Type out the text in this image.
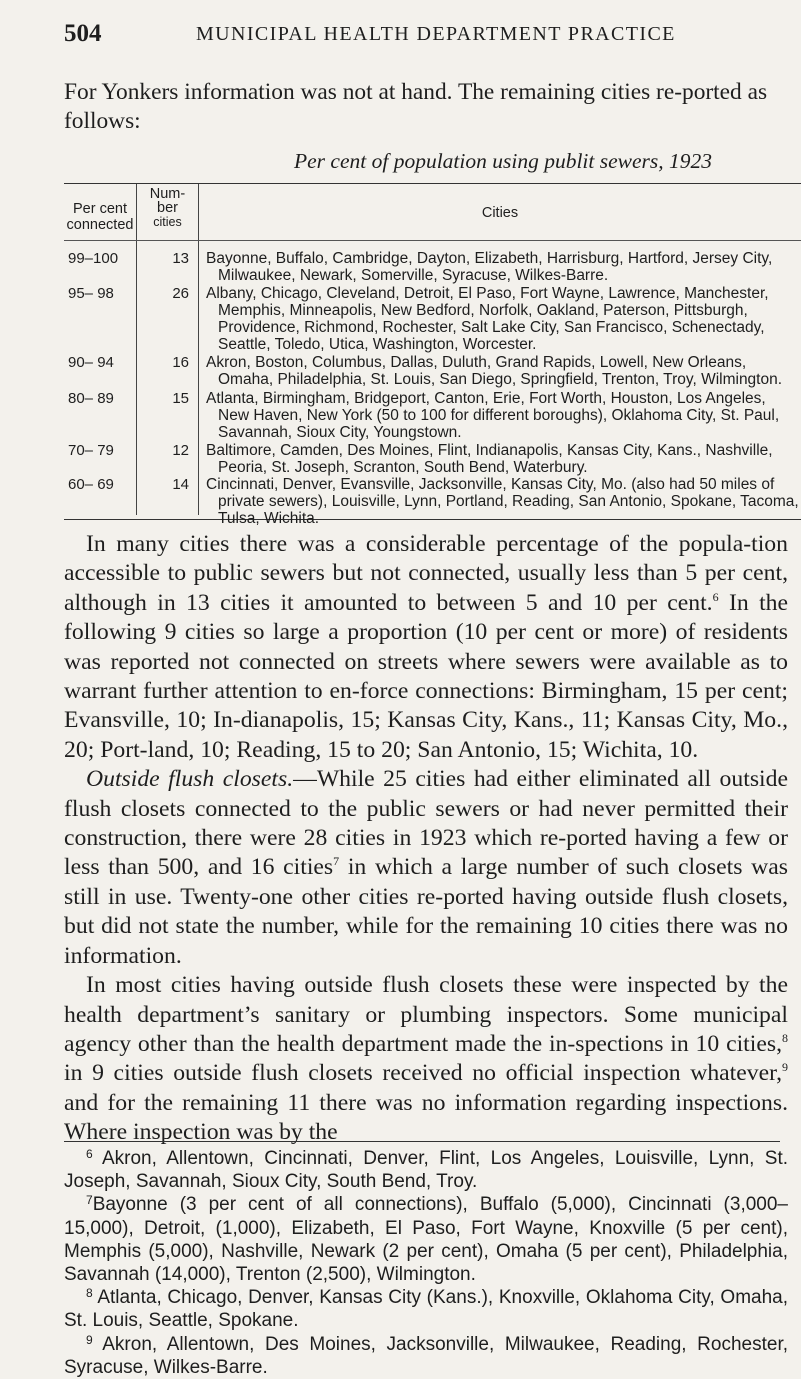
504	MUNICIPAL HEALTH DEPARTMENT PRACTICE
For Yonkers information was not at hand. The remaining cities re-ported as follows:
Per cent of population using publit sewers, 1923
Per cent
connected
Num-
ber
cities
Cities
99–100	13 Bayonne, Buffalo, Cambridge, Dayton, Elizabeth, Harrisburg, Hartford, Jersey City, Milwaukee, Newark, Somerville, Syracuse, Wilkes-Barre.
95– 98	26 Albany, Chicago, Cleveland, Detroit, El Paso, Fort Wayne, Lawrence, Manchester, Memphis, Minneapolis, New Bedford, Norfolk, Oakland, Paterson, Pittsburgh, Providence, Richmond, Rochester, Salt Lake City, San Francisco, Schenectady, Seattle, Toledo, Utica, Washington, Worcester.
90– 94	16 Akron, Boston, Columbus, Dallas, Duluth, Grand Rapids, Lowell, New Orleans, Omaha, Philadelphia, St. Louis, San Diego, Springfield, Trenton, Troy, Wilmington.
80– 89	15 Atlanta, Birmingham, Bridgeport, Canton, Erie, Fort Worth, Houston, Los Angeles, New Haven, New York (50 to 100 for different boroughs), Oklahoma City, St. Paul, Savannah, Sioux City, Youngstown.
70– 79	12 Baltimore, Camden, Des Moines, Flint, Indianapolis, Kansas City, Kans., Nashville, Peoria, St. Joseph, Scranton, South Bend, Waterbury.
60– 69	14 Cincinnati, Denver, Evansville, Jacksonville, Kansas City, Mo. (also had 50 miles of private sewers), Louisville, Lynn, Portland, Reading, San Antonio, Spokane, Tacoma, Tulsa, Wichita.

In many cities there was a considerable percentage of the popula-tion accessible to public sewers but not connected, usually less than 5 per cent, although in 13 cities it amounted to between 5 and 10 per cent.$^6$ In the following 9 cities so large a proportion (10 per cent or more) of residents was reported not connected on streets where sewers were available as to warrant further attention to en-force connections: Birmingham, 15 per cent; Evansville, 10; In-dianapolis, 15; Kansas City, Kans., 11; Kansas City, Mo., 20; Port-land, 10; Reading, 15 to 20; San Antonio, 15; Wichita, 10.

Outside flush closets.—While 25 cities had either eliminated all outside flush closets connected to the public sewers or had never permitted their construction, there were 28 cities in 1923 which re-ported having a few or less than 500, and 16 cities$^7$ in which a large number of such closets was still in use. Twenty-one other cities re-ported having outside flush closets, but did not state the number, while for the remaining 10 cities there was no information.

In most cities having outside flush closets these were inspected by the health department’s sanitary or plumbing inspectors. Some municipal agency other than the health department made the in-spections in 10 cities,$^8$ in 9 cities outside flush closets received no official inspection whatever,$^9$ and for the remaining 11 there was no information regarding inspections. Where inspection was by the

$^6$ Akron, Allentown, Cincinnati, Denver, Flint, Los Angeles, Louisville, Lynn, St. Joseph, Savannah, Sioux City, South Bend, Troy.

$^7$Bayonne (3 per cent of all connections), Buffalo (5,000), Cincinnati (3,000–15,000), Detroit, (1,000), Elizabeth, El Paso, Fort Wayne, Knoxville (5 per cent), Memphis (5,000), Nashville, Newark (2 per cent), Omaha (5 per cent), Philadelphia, Savannah (14,000), Trenton (2,500), Wilmington.

$^8$ Atlanta, Chicago, Denver, Kansas City (Kans.), Knoxville, Oklahoma City, Omaha, St. Louis, Seattle, Spokane.

$^9$ Akron, Allentown, Des Moines, Jacksonville, Milwaukee, Reading, Rochester, Syracuse, Wilkes-Barre.
